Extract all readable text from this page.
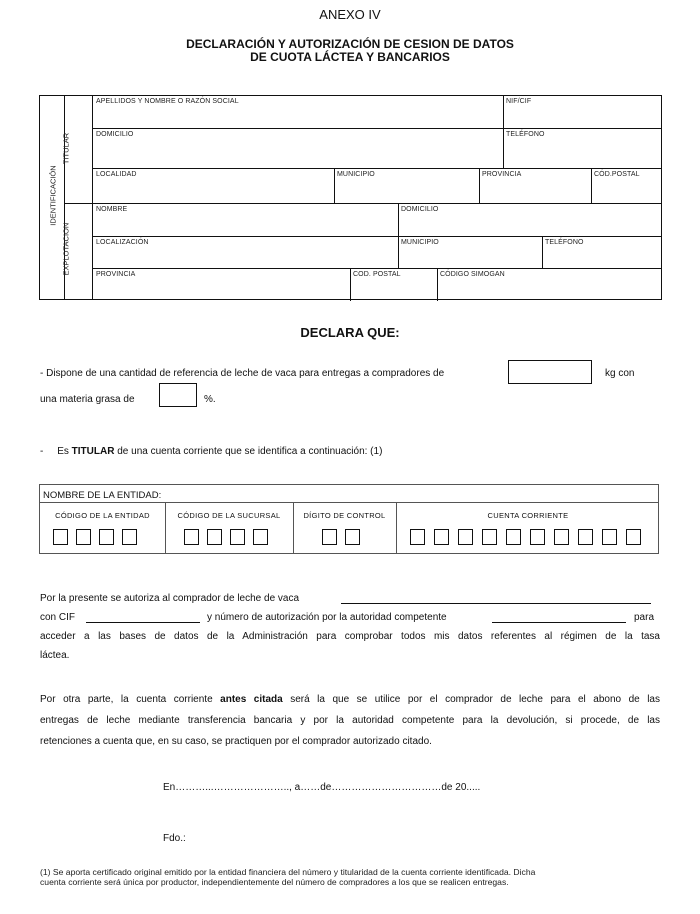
ANEXO IV
DECLARACIÓN Y AUTORIZACIÓN DE CESION DE DATOS
DE CUOTA LÁCTEA Y BANCARIOS
IDENTIFICACIÓN
TITULAR
EXPLOTACION
APELLIDOS Y NOMBRE O RAZÓN SOCIAL	NIF/CIF
DOMICILIO	TELÉFONO
LOCALIDAD	MUNICIPIO	PROVINCIA	CÓD.POSTAL
NOMBRE	DOMICILIO
LOCALIZACIÓN	MUNICIPIO	TELÉFONO
PROVINCIA	COD. POSTAL	CÓDIGO SIMOGAN
DECLARA QUE:
- Dispone de una cantidad de referencia de leche de vaca para entregas a compradores de	kg con
una materia grasa de	%.
-     Es TITULAR de una cuenta corriente que se identifica a continuación: (1)
NOMBRE DE LA ENTIDAD:
CÓDIGO DE LA ENTIDAD	CÓDIGO DE LA SUCURSAL	DÍGITO DE CONTROL	CUENTA CORRIENTE
Por la presente se autoriza al comprador de leche de vaca
con CIF	y número de autorización por la autoridad competente	para
acceder a las bases de datos de la Administración para comprobar todos mis datos referentes al régimen de la tasa
láctea.
Por otra parte, la cuenta corriente antes citada será la que se utilice por el comprador de leche para el abono de las
entregas de leche mediante transferencia bancaria y por la autoridad competente para la devolución, si procede, de las
retenciones a cuenta que, en su caso, se practiquen por el comprador autorizado citado.
En………...………………….., a……de……………………………de 20.....
Fdo.:
(1) Se aporta certificado original emitido por la entidad financiera del número y titularidad de la cuenta corriente identificada. Dicha
cuenta corriente será única por productor, independientemente del número de compradores a los que se realicen entregas.
